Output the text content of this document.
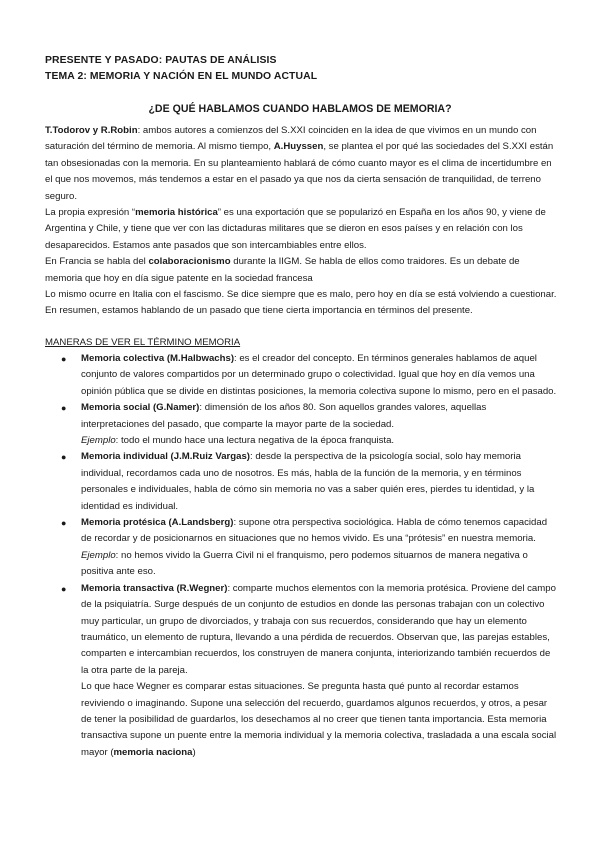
PRESENTE Y PASADO: PAUTAS DE ANÁLISIS
TEMA 2: MEMORIA Y NACIÓN EN EL MUNDO ACTUAL
¿DE QUÉ HABLAMOS CUANDO HABLAMOS DE MEMORIA?

T.Todorov y R.Robin: ambos autores a comienzos del S.XXI coinciden en la idea de que vivimos en un mundo con saturación del término de memoria. Al mismo tiempo, A.Huyssen, se plantea el por qué las sociedades del S.XXI están tan obsesionadas con la memoria. En su planteamiento hablará de cómo cuanto mayor es el clima de incertidumbre en el que nos movemos, más tendemos a estar en el pasado ya que nos da cierta sensación de tranquilidad, de terreno seguro.

La propia expresión “memoria histórica” es una exportación que se popularizó en España en los años 90, y viene de Argentina y Chile, y tiene que ver con las dictaduras militares que se dieron en esos países y en relación con los desaparecidos. Estamos ante pasados que son intercambiables entre ellos.

En Francia se habla del colaboracionismo durante la IIGM. Se habla de ellos como traidores. Es un debate de memoria que hoy en día sigue patente en la sociedad francesa

Lo mismo ocurre en Italia con el fascismo. Se dice siempre que es malo, pero hoy en día se está volviendo a cuestionar.

En resumen, estamos hablando de un pasado que tiene cierta importancia en términos del presente.

MANERAS DE VER EL TÉRMINO MEMORIA
● Memoria colectiva (M.Halbwachs): es el creador del concepto. En términos generales hablamos de aquel conjunto de valores compartidos por un determinado grupo o colectividad. Igual que hoy en día vemos una opinión pública que se divide en distintas posiciones, la memoria colectiva supone lo mismo, pero en el pasado.

● Memoria social (G.Namer): dimensión de los años 80. Son aquellos grandes valores, aquellas interpretaciones del pasado, que comparte la mayor parte de la sociedad.

Ejemplo: todo el mundo hace una lectura negativa de la época franquista.

● Memoria individual (J.M.Ruiz Vargas): desde la perspectiva de la psicología social, solo hay memoria individual, recordamos cada uno de nosotros. Es más, habla de la función de la memoria, y en términos personales e individuales, habla de cómo sin memoria no vas a saber quién eres, pierdes tu identidad, y la identidad es individual.

● Memoria protésica (A.Landsberg): supone otra perspectiva sociológica. Habla de cómo tenemos capacidad de recordar y de posicionarnos en situaciones que no hemos vivido. Es una “prótesis” en nuestra memoria.

Ejemplo: no hemos vivido la Guerra Civil ni el franquismo, pero podemos situarnos de manera negativa o positiva ante eso.

● Memoria transactiva (R.Wegner): comparte muchos elementos con la memoria protésica. Proviene del campo de la psiquiatría. Surge después de un conjunto de estudios en donde las personas trabajan con un colectivo muy particular, un grupo de divorciados, y trabaja con sus recuerdos, considerando que hay un elemento traumático, un elemento de ruptura, llevando a una pérdida de recuerdos. Observan que, las parejas estables, comparten e intercambian recuerdos, los construyen de manera conjunta, interiorizando también recuerdos de la otra parte de la pareja.

Lo que hace Wegner es comparar estas situaciones. Se pregunta hasta qué punto al recordar estamos reviviendo o imaginando. Supone una selección del recuerdo, guardamos algunos recuerdos, y otros, a pesar de tener la posibilidad de guardarlos, los desechamos al no creer que tienen tanta importancia. Esta memoria transactiva supone un puente entre la memoria individual y la memoria colectiva, trasladada a una escala social mayor (memoria naciona)
